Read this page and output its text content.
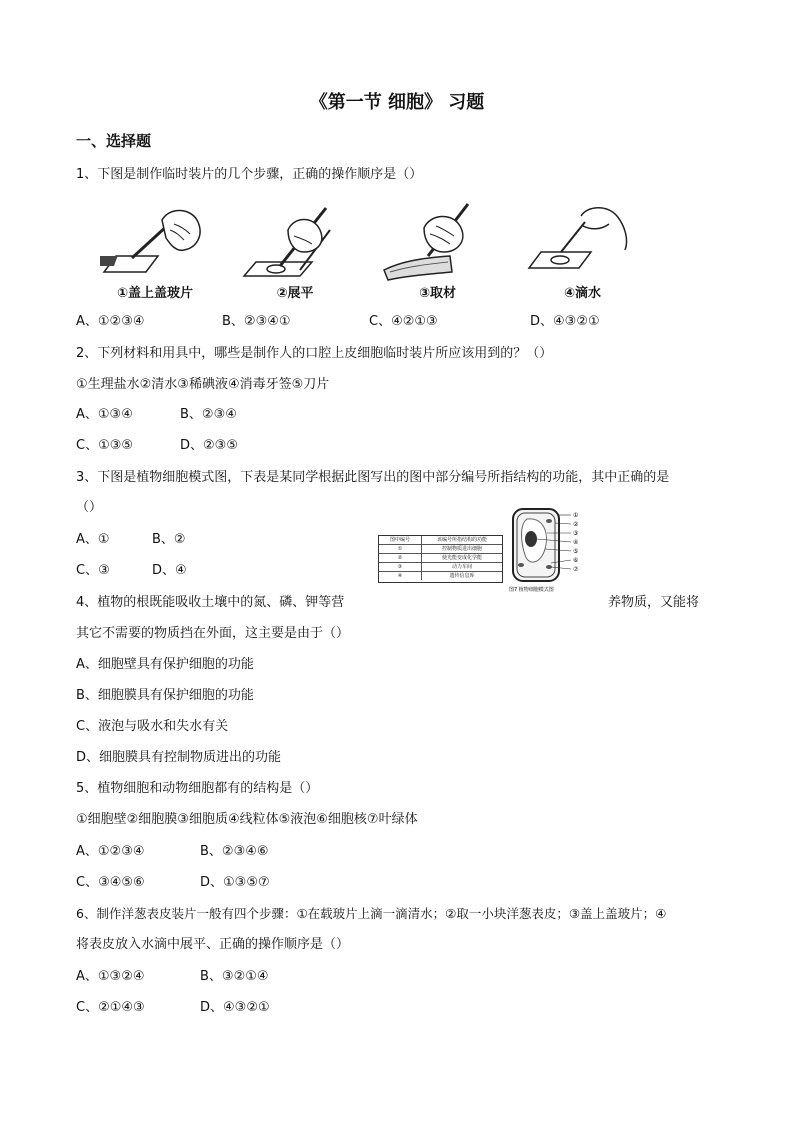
《第一节 细胞》 习题
一、选择题
1、下图是制作临时装片的几个步骤，正确的操作顺序是（）
①盖上盖玻片	②展平	③取材	④滴水
A、①②③④	B、②③④①	C、④②①③	D、④③②①
2、下列材料和用具中，哪些是制作人的口腔上皮细胞临时装片所应该用到的？（）
①生理盐水②清水③稀碘液④消毒牙签⑤刀片
A、①③④	B、②③④
C、①③⑤	D、②③⑤
3、下图是植物细胞模式图，下表是某同学根据此图写出的图中部分编号所指结构的功能，其中正确的是
（）
A、①	B、②
C、③	D、④
图中编号	该编号所指结构的功能
①	控制物质进出细胞
②	使光能变成化学能
③	动力车间
④	遗传信息库
①
②
③
④
⑤
⑥
⑦
图7 植物细胞模式图
4、植物的根既能吸收土壤中的氮、磷、钾等营	养物质，又能将
其它不需要的物质挡在外面，这主要是由于（）
A、细胞壁具有保护细胞的功能
B、细胞膜具有保护细胞的功能
C、液泡与吸水和失水有关
D、细胞膜具有控制物质进出的功能
5、植物细胞和动物细胞都有的结构是（）
①细胞壁②细胞膜③细胞质④线粒体⑤液泡⑥细胞核⑦叶绿体
A、①②③④	B、②③④⑥
C、③④⑤⑥	D、①③⑤⑦
6、制作洋葱表皮装片一般有四个步骤：①在载玻片上滴一滴清水；②取一小块洋葱表皮；③盖上盖玻片；④
将表皮放入水滴中展平、正确的操作顺序是（）
A、①③②④	B、③②①④
C、②①④③	D、④③②①
